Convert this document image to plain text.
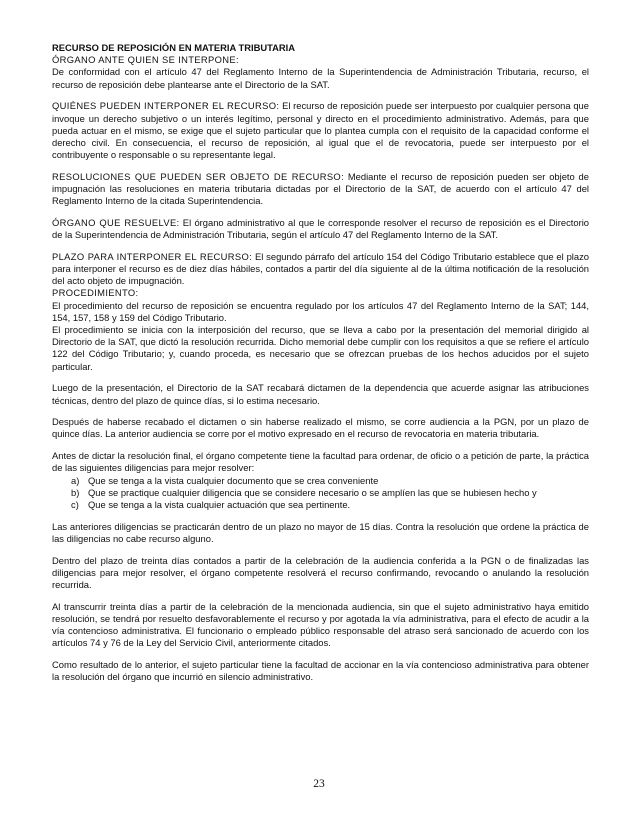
RECURSO DE REPOSICIÓN EN MATERIA TRIBUTARIA

ÓRGANO ANTE QUIEN SE INTERPONE:
De conformidad con el artículo 47 del Reglamento Interno de la Superintendencia de Administración Tributaria, recurso, el recurso de reposición debe plantearse ante el Directorio de la SAT.

QUIÉNES PUEDEN INTERPONER EL RECURSO: El recurso de reposición puede ser interpuesto por cualquier persona que invoque un derecho subjetivo o un interés legítimo, personal y directo en el procedimiento administrativo. Además, para que pueda actuar en el mismo, se exige que el sujeto particular que lo plantea cumpla con el requisito de la capacidad conforme el derecho civil. En consecuencia, el recurso de reposición, al igual que el de revocatoria, puede ser interpuesto por el contribuyente o responsable o su representante legal.

RESOLUCIONES QUE PUEDEN SER OBJETO DE RECURSO: Mediante el recurso de reposición pueden ser objeto de impugnación las resoluciones en materia tributaria dictadas por el Directorio de la SAT, de acuerdo con el artículo 47 del Reglamento Interno de la citada Superintendencia.

ÓRGANO QUE RESUELVE: El órgano administrativo al que le corresponde resolver el recurso de reposición es el Directorio de la Superintendencia de Administración Tributaria, según el artículo 47 del Reglamento Interno de la SAT.

PLAZO PARA INTERPONER EL RECURSO: El segundo párrafo del artículo 154 del Código Tributario establece que el plazo para interponer el recurso es de diez días hábiles, contados a partir del día siguiente al de la última notificación de la resolución del acto objeto de impugnación.

PROCEDIMIENTO:

El procedimiento del recurso de reposición se encuentra regulado por los artículos 47 del Reglamento Interno de la SAT; 144, 154, 157, 158 y 159 del Código Tributario.

El procedimiento se inicia con la interposición del recurso, que se lleva a cabo por la presentación del memorial dirigido al Directorio de la SAT, que dictó la resolución recurrida. Dicho memorial debe cumplir con los requisitos a que se refiere el artículo 122 del Código Tributario; y, cuando proceda, es necesario que se ofrezcan pruebas de los hechos aducidos por el sujeto particular.

Luego de la presentación, el Directorio de la SAT recabará dictamen de la dependencia que acuerde asignar las atribuciones técnicas, dentro del plazo de quince días, si lo estima necesario.

Después de haberse recabado el dictamen o sin haberse realizado el mismo, se corre audiencia a la PGN, por un plazo de quince días. La anterior audiencia se corre por el motivo expresado en el recurso de revocatoria en materia tributaria.

Antes de dictar la resolución final, el órgano competente tiene la facultad para ordenar, de oficio o a petición de parte, la práctica de las siguientes diligencias para mejor resolver:

a) Que se tenga a la vista cualquier documento que se crea conveniente
b) Que se practique cualquier diligencia que se considere necesario o se amplíen las que se hubiesen hecho y
c) Que se tenga a la vista cualquier actuación que sea pertinente.

Las anteriores diligencias se practicarán dentro de un plazo no mayor de 15 días. Contra la resolución que ordene la práctica de las diligencias no cabe recurso alguno.

Dentro del plazo de treinta días contados a partir de la celebración de la audiencia conferida a la PGN o de finalizadas las diligencias para mejor resolver, el órgano competente resolverá el recurso confirmando, revocando o anulando la resolución recurrida.

Al transcurrir treinta días a partir de la celebración de la mencionada audiencia, sin que el sujeto administrativo haya emitido resolución, se tendrá por resuelto desfavorablemente el recurso y por agotada la vía administrativa, para el efecto de acudir a la vía contencioso administrativa. El funcionario o empleado público responsable del atraso será sancionado de acuerdo con los artículos 74 y 76 de la Ley del Servicio Civil, anteriormente citados.

Como resultado de lo anterior, el sujeto particular tiene la facultad de accionar en la vía contencioso administrativa para obtener la resolución del órgano que incurrió en silencio administrativo.

23
